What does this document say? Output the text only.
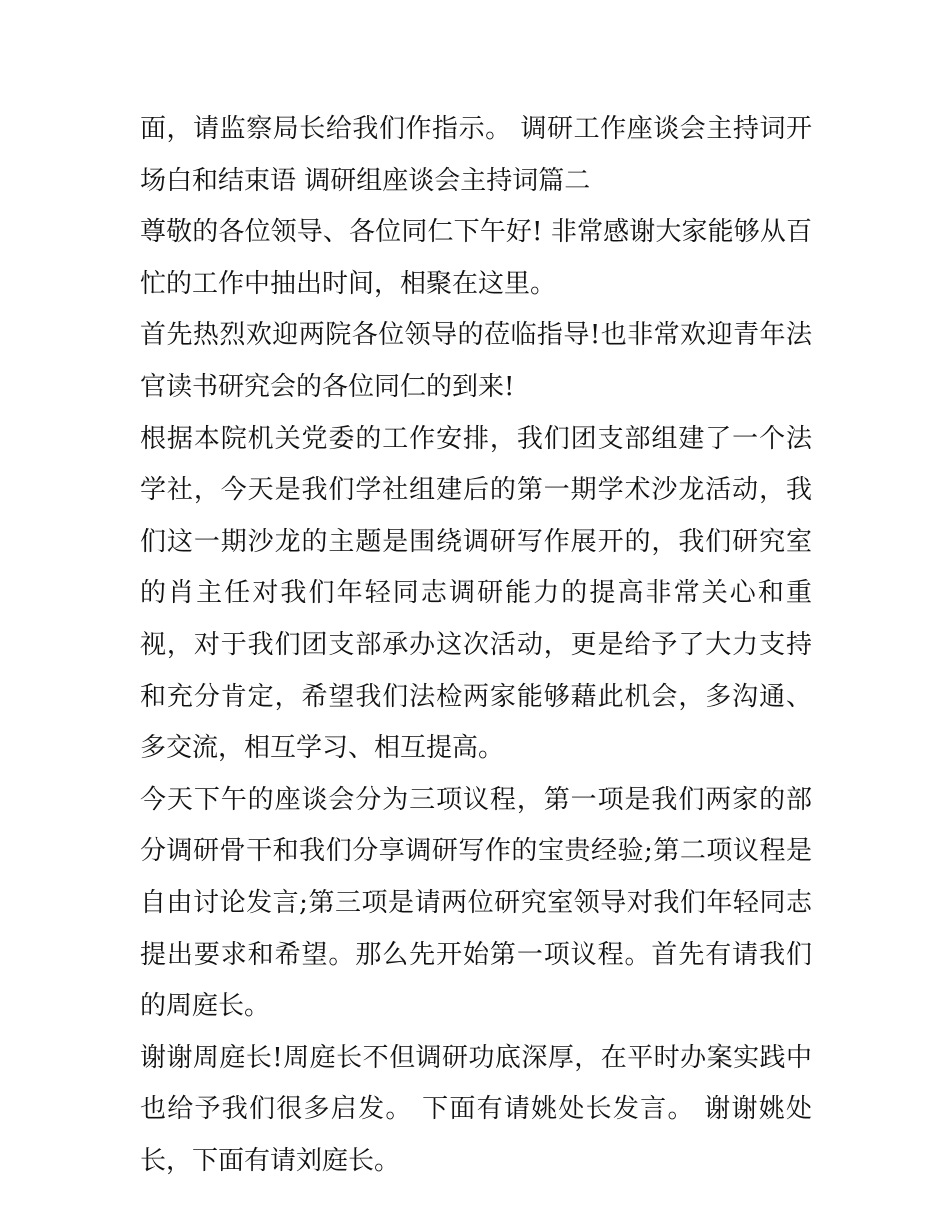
面，请监察局长给我们作指示。 调研工作座谈会主持词开场白和结束语 调研组座谈会主持词篇二

尊敬的各位领导、各位同仁下午好! 非常感谢大家能够从百忙的工作中抽出时间，相聚在这里。

首先热烈欢迎两院各位领导的莅临指导!也非常欢迎青年法官读书研究会的各位同仁的到来!

根据本院机关党委的工作安排，我们团支部组建了一个法学社，今天是我们学社组建后的第一期学术沙龙活动，我们这一期沙龙的主题是围绕调研写作展开的，我们研究室的肖主任对我们年轻同志调研能力的提高非常关心和重视，对于我们团支部承办这次活动，更是给予了大力支持和充分肯定，希望我们法检两家能够藉此机会，多沟通、多交流，相互学习、相互提高。

今天下午的座谈会分为三项议程，第一项是我们两家的部分调研骨干和我们分享调研写作的宝贵经验;第二项议程是自由讨论发言;第三项是请两位研究室领导对我们年轻同志提出要求和希望。那么先开始第一项议程。首先有请我们的周庭长。

谢谢周庭长!周庭长不但调研功底深厚，在平时办案实践中也给予我们很多启发。 下面有请姚处长发言。 谢谢姚处长，下面有请刘庭长。
